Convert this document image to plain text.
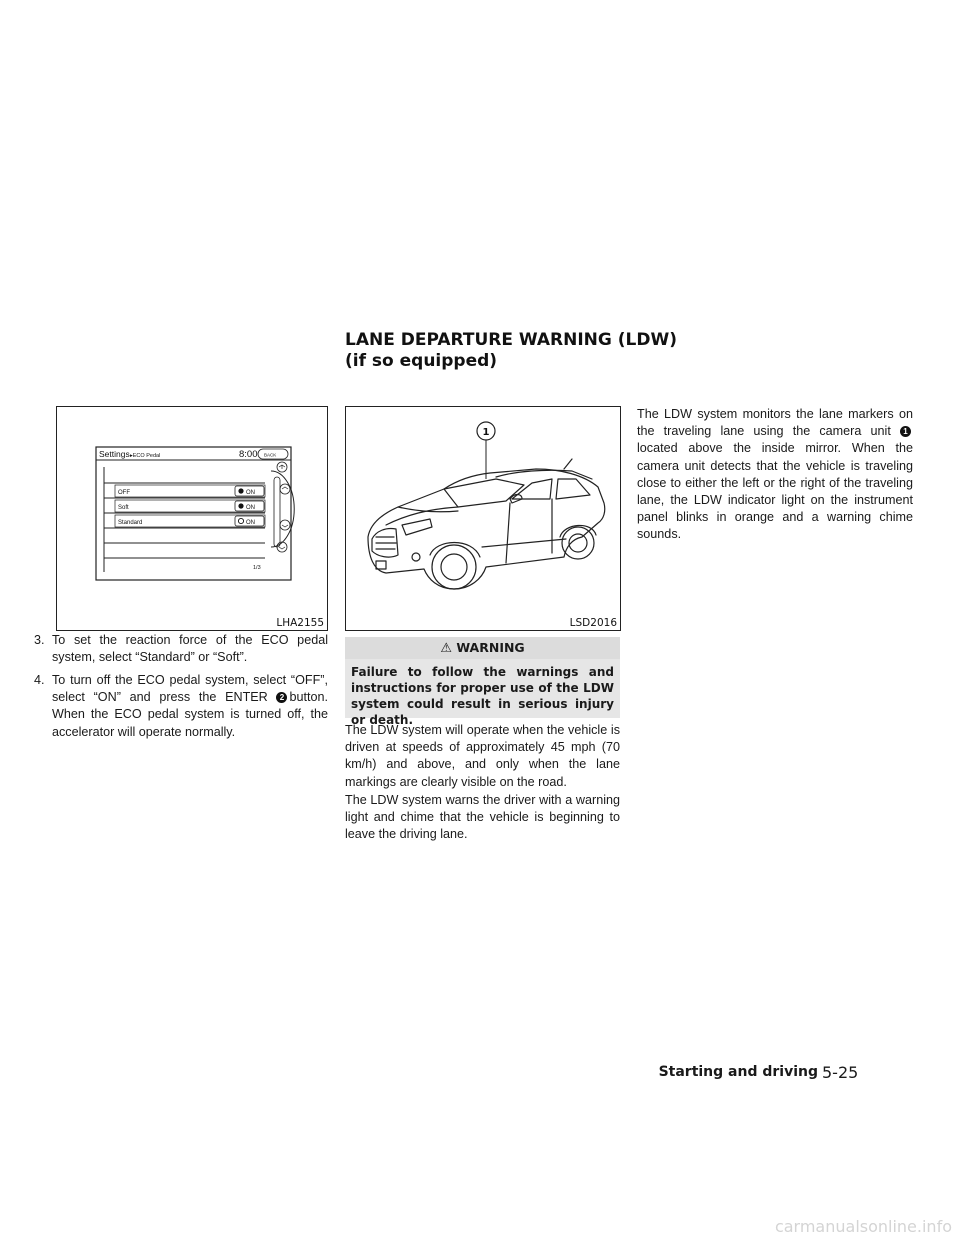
LANE DEPARTURE WARNING (LDW)
(if so equipped)
Settings ▸ECO Pedal	8:00 BACK
OFF
Soft
Standard
ON
ON
ON
1/3
LHA2155
1
LSD2016
3. To set the reaction force of the ECO pedal system, select “Standard” or “Soft”.
4. To turn off the ECO pedal system, select “OFF”, select “ON” and press the ENTER 2 button. When the ECO pedal system is turned off, the accelerator will operate normally.
⚠ WARNING
Failure to follow the warnings and instructions for proper use of the LDW system could result in serious injury or death.
The LDW system will operate when the vehicle is driven at speeds of approximately 45 mph (70 km/h) and above, and only when the lane markings are clearly visible on the road.
The LDW system warns the driver with a warning light and chime that the vehicle is beginning to leave the driving lane.
The LDW system monitors the lane markers on the traveling lane using the camera unit 1located above the inside mirror. When the camera unit detects that the vehicle is traveling close to either the left or the right of the traveling lane, the LDW indicator light on the instrument panel blinks in orange and a warning chime sounds.
Starting and driving 5-25
carmanualsonline.info
